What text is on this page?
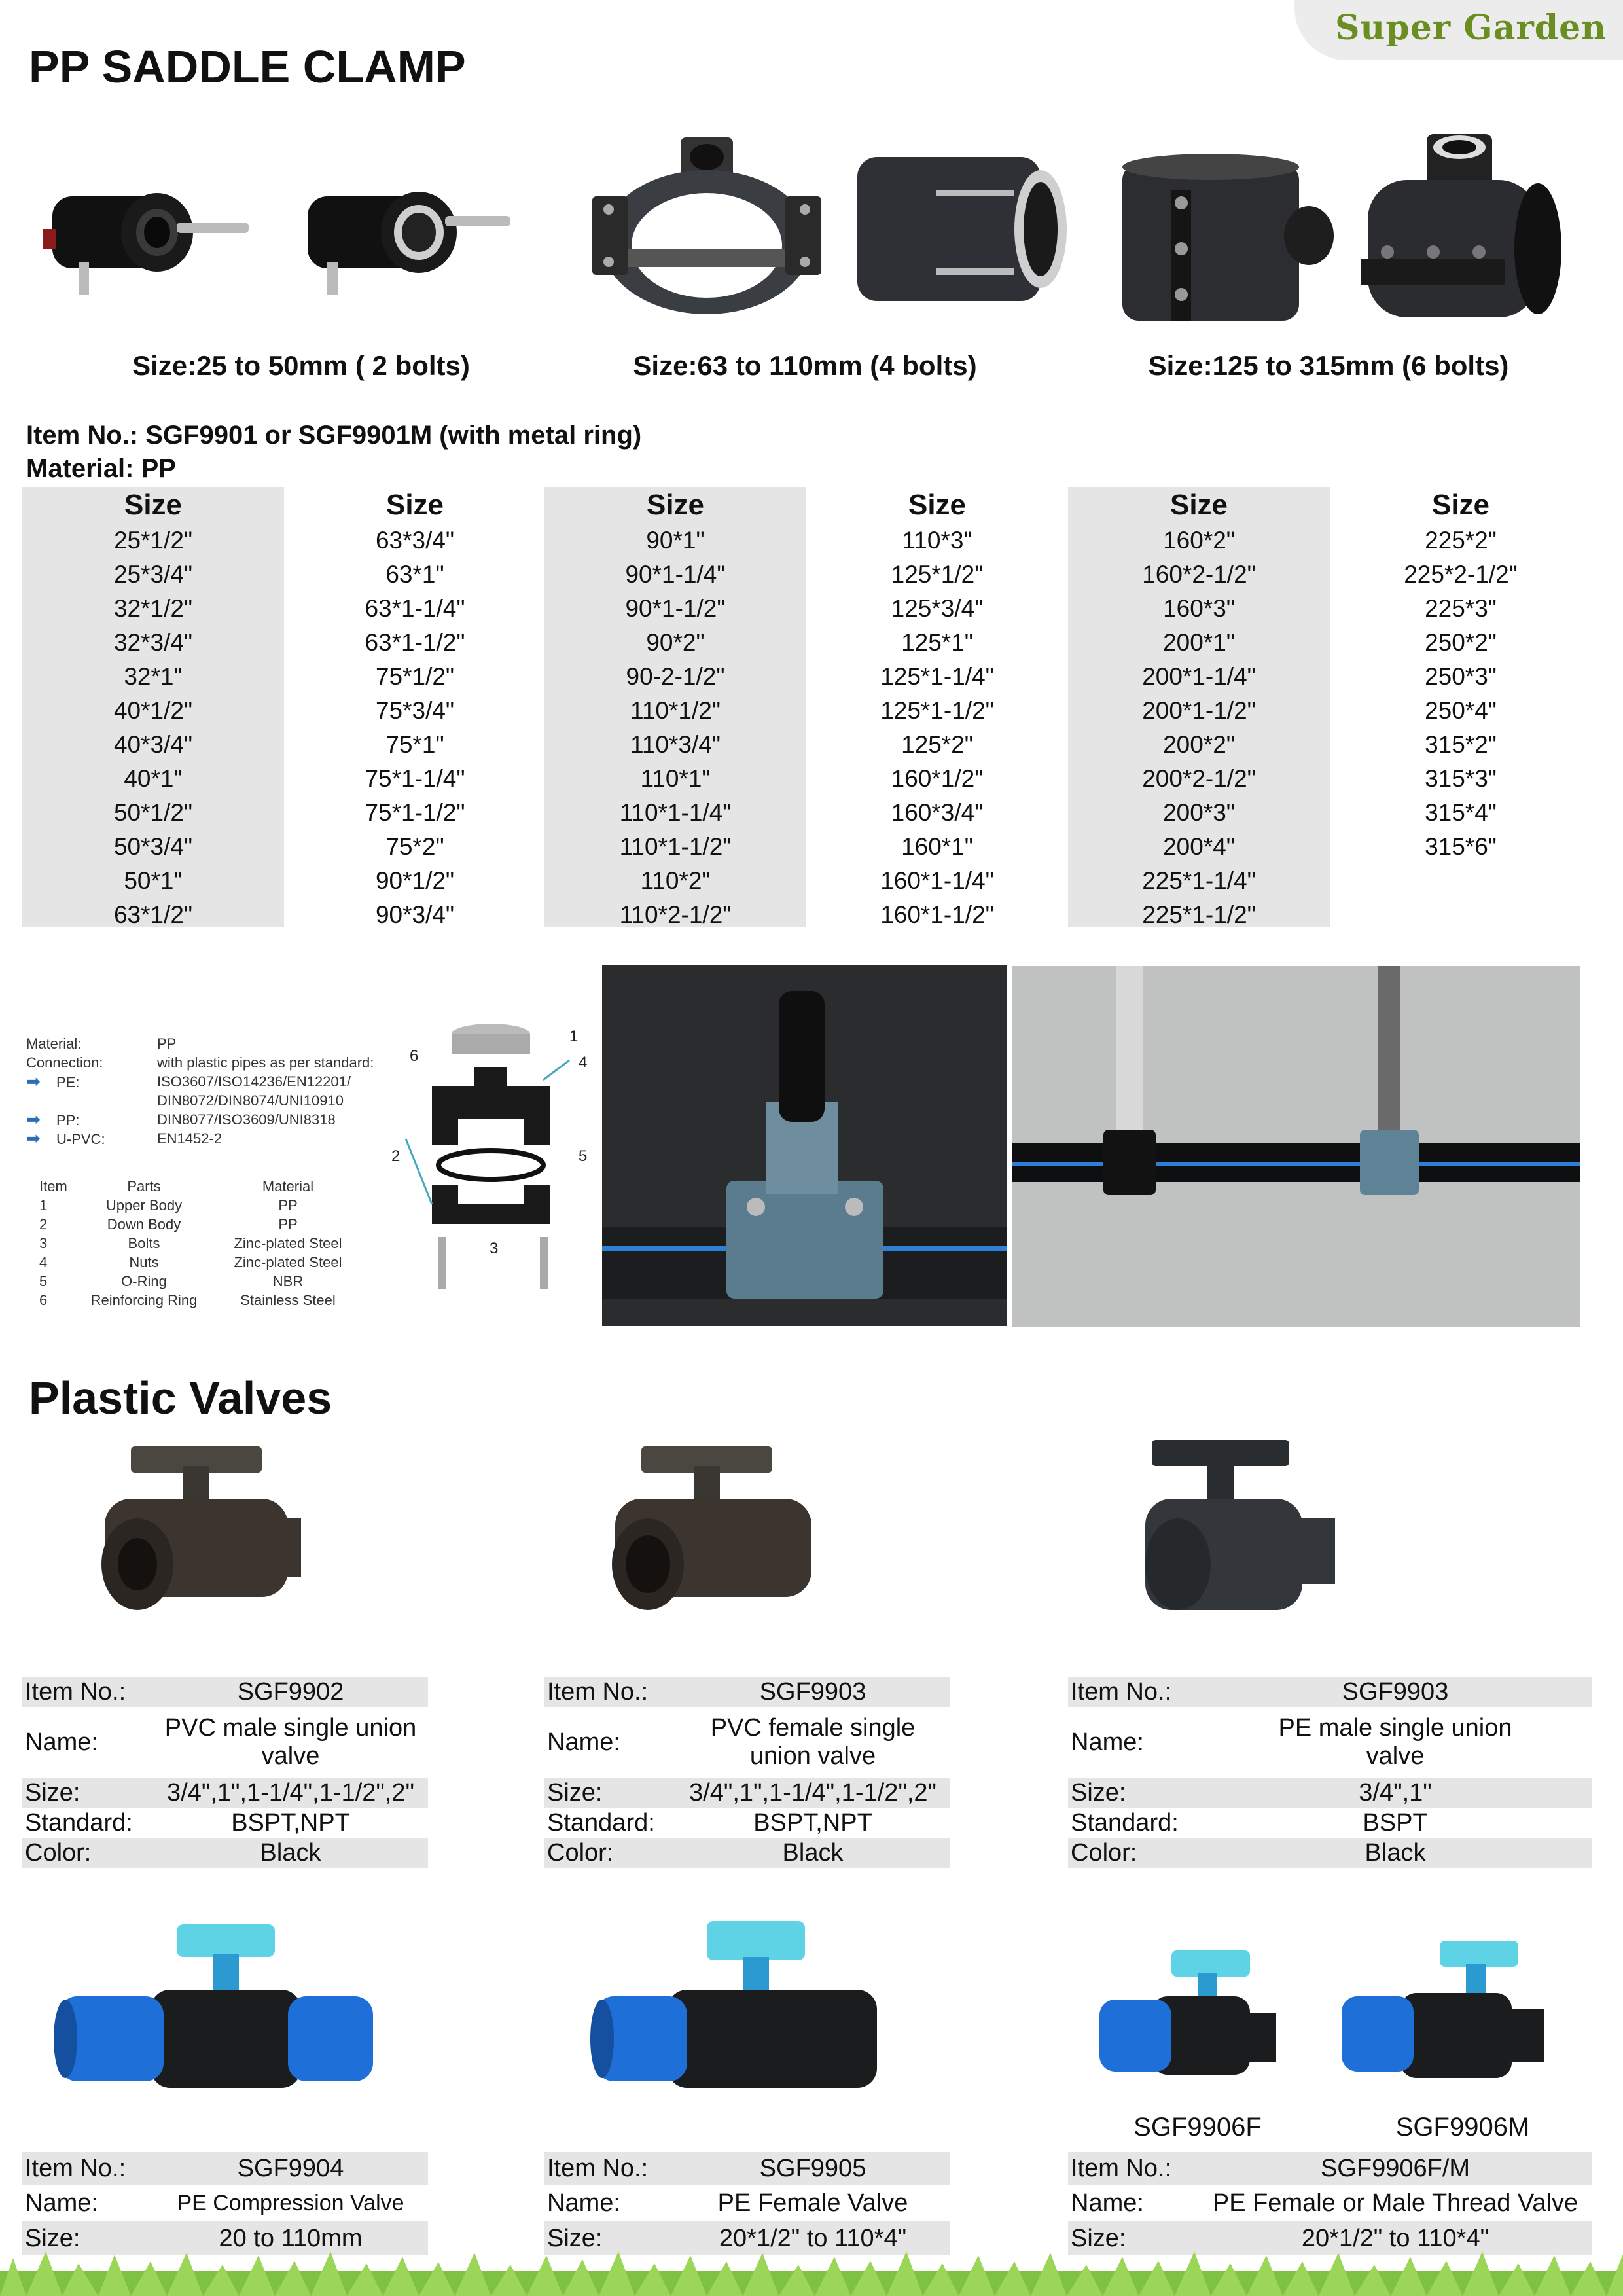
Super Garden
PP SADDLE CLAMP
Size:25 to 50mm ( 2 bolts)	Size:63 to 110mm (4 bolts)	Size:125 to 315mm (6 bolts)
Item No.: SGF9901 or SGF9901M (with metal ring)
Material: PP
Size
25*1/2"
25*3/4"
32*1/2"
32*3/4"
32*1"
40*1/2"
40*3/4"
40*1"
50*1/2"
50*3/4"
50*1"
63*1/2"
Size
63*3/4"
63*1"
63*1-1/4"
63*1-1/2"
75*1/2"
75*3/4"
75*1"
75*1-1/4"
75*1-1/2"
75*2"
90*1/2"
90*3/4"
Size
90*1"
90*1-1/4"
90*1-1/2"
90*2"
90-2-1/2"
110*1/2"
110*3/4"
110*1"
110*1-1/4"
110*1-1/2"
110*2"
110*2-1/2"
Size
110*3"
125*1/2"
125*3/4"
125*1"
125*1-1/4"
125*1-1/2"
125*2"
160*1/2"
160*3/4"
160*1"
160*1-1/4"
160*1-1/2"
Size
160*2"
160*2-1/2"
160*3"
200*1"
200*1-1/4"
200*1-1/2"
200*2"
200*2-1/2"
200*3"
200*4"
225*1-1/4"
225*1-1/2"
Size
225*2"
225*2-1/2"
225*3"
250*2"
250*3"
250*4"
315*2"
315*3"
315*4"
315*6"
Material:	PP
Connection:	with plastic pipes as per standard:
➡ PE:	ISO3607/ISO14236/EN12201/
DIN8072/DIN8074/UNI10910
➡ PP:	DIN8077/ISO3609/UNI8318
➡ U-PVC:	EN1452-2
Item	Parts	Material
1	Upper Body	PP
2	Down Body	PP
3	Bolts	Zinc-plated Steel
4	Nuts	Zinc-plated Steel
5	O-Ring	NBR
6	Reinforcing Ring	Stainless Steel
1
2
3
4
5
6
Plastic Valves
Item No.:	SGF9902
Name:
PVC male single union
valve
Size:	3/4",1",1-1/4",1-1/2",2"
Standard:	BSPT,NPT
Color:	Black
Item No.:	SGF9903
Name:
PVC female single
union valve
Size:	3/4",1",1-1/4",1-1/2",2"
Standard:	BSPT,NPT
Color:	Black
Item No.:	SGF9903
Name:
PE male single union
valve
Size:	3/4",1"
Standard:	BSPT
Color:	Black
SGF9906F	SGF9906M
Item No.:	SGF9904
Name:	PE Compression Valve
Size:	20 to 110mm
Item No.:	SGF9905
Name:	PE Female Valve
Size:	20*1/2" to 110*4"
Item No.:	SGF9906F/M
Name:	PE Female or Male Thread Valve
Size:	20*1/2" to 110*4"
